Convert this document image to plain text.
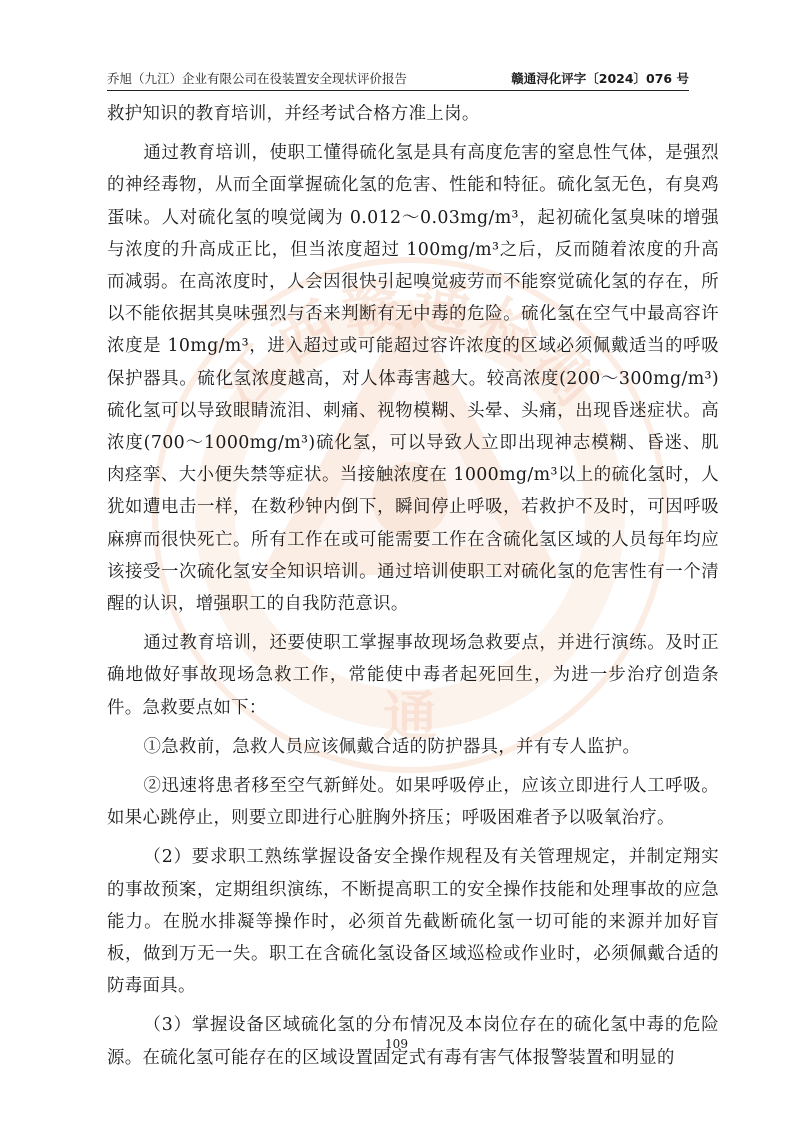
乔旭（九江）企业有限公司在役装置安全现状评价报告	赣通浔化评字〔2024〕076 号
江西赣通检测
通

救护知识的教育培训，并经考试合格方准上岗。

通过教育培训，使职工懂得硫化氢是具有高度危害的窒息性气体，是强烈的神经毒物，从而全面掌握硫化氢的危害、性能和特征。硫化氢无色，有臭鸡蛋味。人对硫化氢的嗅觉阈为 0.012～0.03mg/m³，起初硫化氢臭味的增强与浓度的升高成正比，但当浓度超过 100mg/m³之后，反而随着浓度的升高而减弱。在高浓度时，人会因很快引起嗅觉疲劳而不能察觉硫化氢的存在，所以不能依据其臭味强烈与否来判断有无中毒的危险。硫化氢在空气中最高容许浓度是 10mg/m³，进入超过或可能超过容许浓度的区域必须佩戴适当的呼吸保护器具。硫化氢浓度越高，对人体毒害越大。较高浓度(200～300mg/m³)硫化氢可以导致眼睛流泪、刺痛、视物模糊、头晕、头痛，出现昏迷症状。高浓度(700～1000mg/m³)硫化氢，可以导致人立即出现神志模糊、昏迷、肌肉痉挛、大小便失禁等症状。当接触浓度在 1000mg/m³以上的硫化氢时，人犹如遭电击一样，在数秒钟内倒下，瞬间停止呼吸，若救护不及时，可因呼吸麻痹而很快死亡。所有工作在或可能需要工作在含硫化氢区域的人员每年均应该接受一次硫化氢安全知识培训。通过培训使职工对硫化氢的危害性有一个清醒的认识，增强职工的自我防范意识。

通过教育培训，还要使职工掌握事故现场急救要点，并进行演练。及时正确地做好事故现场急救工作，常能使中毒者起死回生，为进一步治疗创造条件。急救要点如下：

①急救前，急救人员应该佩戴合适的防护器具，并有专人监护。

②迅速将患者移至空气新鲜处。如果呼吸停止，应该立即进行人工呼吸。如果心跳停止，则要立即进行心脏胸外挤压；呼吸困难者予以吸氧治疗。

（2）要求职工熟练掌握设备安全操作规程及有关管理规定，并制定翔实的事故预案，定期组织演练，不断提高职工的安全操作技能和处理事故的应急能力。在脱水排凝等操作时，必须首先截断硫化氢一切可能的来源并加好盲板，做到万无一失。职工在含硫化氢设备区域巡检或作业时，必须佩戴合适的防毒面具。

（3）掌握设备区域硫化氢的分布情况及本岗位存在的硫化氢中毒的危险源。在硫化氢可能存在的区域设置固定式有毒有害气体报警装置和明显的

109
